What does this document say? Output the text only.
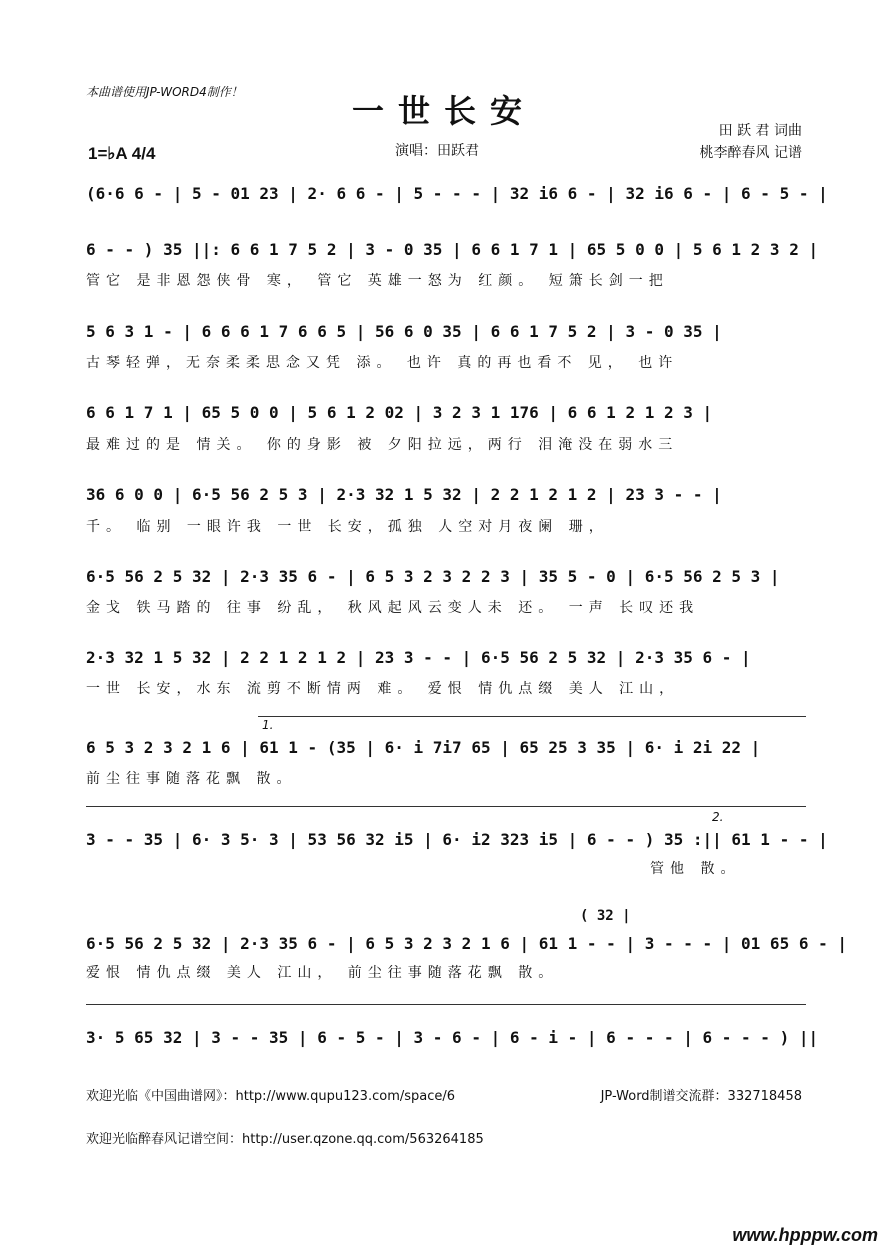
本曲谱使用JP-WORD4制作！	一世长安
1=♭A 4/4	演唱：田跃君
田 跃 君 词曲
桃李醉春风 记谱
(6·6 6 - | 5 - 01 23 | 2· 6 6 - | 5 - - - | 32 i6 6 - | 32 i6 6 - | 6 - 5 - |
6 - - ) 35 ||: 6 6 1 7 5 2 | 3 - 0 35 | 6 6 1 7 1 | 65 5 0 0 | 5 6 1 2 3 2 |
管它 是非恩怨侠骨 寒， 管它 英雄一怒为 红颜。 短箫长剑一把
5 6 3 1 - | 6 6 6 1 7 6 6 5 | 56 6 0 35 | 6 6 1 7 5 2 | 3 - 0 35 |
古琴轻弹，无奈柔柔思念又凭 添。 也许 真的再也看不 见， 也许
6 6 1 7 1 | 65 5 0 0 | 5 6 1 2 02 | 3 2 3 1 176 | 6 6 1 2 1 2 3 |
最难过的是 情关。 你的身影 被 夕阳拉远，两行 泪淹没在弱水三
36 6 0 0 | 6·5 56 2 5 3 | 2·3 32 1 5 32 | 2 2 1 2 1 2 | 23 3 - - |
千。 临别 一眼许我 一世 长安，孤独 人空对月夜阑 珊，
6·5 56 2 5 32 | 2·3 35 6 - | 6 5 3 2 3 2 2 3 | 35 5 - 0 | 6·5 56 2 5 3 |
金戈 铁马踏的 往事 纷乱， 秋风起风云变人未 还。 一声 长叹还我
2·3 32 1 5 32 | 2 2 1 2 1 2 | 23 3 - - | 6·5 56 2 5 32 | 2·3 35 6 - |
一世 长安，水东 流剪不断情两 难。 爱恨 情仇点缀 美人 江山，
1.
6 5 3 2 3 2 1 6 | 61 1 - (35 | 6· i 7i7 65 | 65 25 3 35 | 6· i 2i 22 |
前尘往事随落花飘 散。
2.
3 - - 35 | 6· 3 5· 3 | 53 56 32 i5 | 6· i2 323 i5 | 6 - - ) 35 :|| 61 1 - - |
管他 散。
( 32 |
6·5 56 2 5 32 | 2·3 35 6 - | 6 5 3 2 3 2 1 6 | 61 1 - - | 3 - - - | 01 65 6 - |
爱恨 情仇点缀 美人 江山， 前尘往事随落花飘 散。
3· 5 65 32 | 3 - - 35 | 6 - 5 - | 3 - 6 - | 6 - i - | 6 - - - | 6 - - - ) ||
欢迎光临《中国曲谱网》：http://www.qupu123.com/space/6	JP-Word制谱交流群：332718458
欢迎光临醉春风记谱空间：http://user.qzone.qq.com/563264185
www.hpppw.com
